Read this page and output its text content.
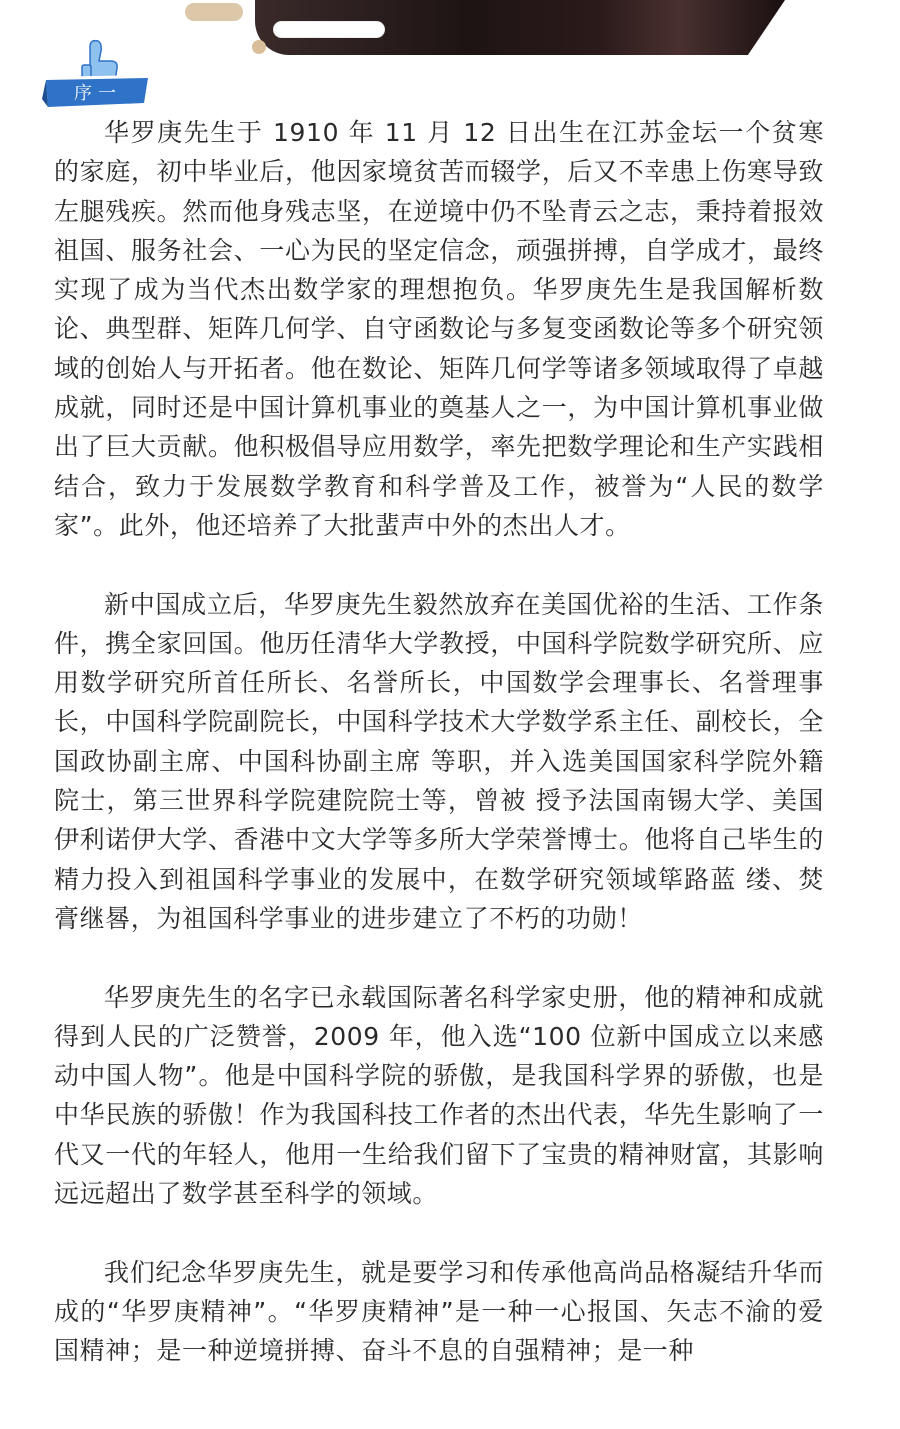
序一

华罗庚先生于 1910 年 11 月 12 日出生在江苏金坛一个贫寒的家庭，初中毕业后，他因家境贫苦而辍学，后又不幸患上伤寒导致左腿残疾。然而他身残志坚，在逆境中仍不坠青云之志，秉持着报效祖国、服务社会、一心为民的坚定信念，顽强拼搏，自学成才，最终实现了成为当代杰出数学家的理想抱负。华罗庚先生是我国解析数论、典型群、矩阵几何学、自守函数论与多复变函数论等多个研究领域的创始人与开拓者。他在数论、矩阵几何学等诸多领域取得了卓越成就，同时还是中国计算机事业的奠基人之一，为中国计算机事业做出了巨大贡献。他积极倡导应用数学，率先把数学理论和生产实践相结合，致力于发展数学教育和科学普及工作，被誉为“人民的数学家”。此外，他还培养了大批蜚声中外的杰出人才。

新中国成立后，华罗庚先生毅然放弃在美国优裕的生活、工作条件，携全家回国。他历任清华大学教授，中国科学院数学研究所、应用数学研究所首任所长、名誉所长，中国数学会理事长、名誉理事长，中国科学院副院长，中国科学技术大学数学系主任、副校长，全国政协副主席、中国科协副主席 等职，并入选美国国家科学院外籍院士，第三世界科学院建院院士等，曾被 授予法国南锡大学、美国伊利诺伊大学、香港中文大学等多所大学荣誉博士。他将自己毕生的精力投入到祖国科学事业的发展中，在数学研究领域筚路蓝 缕、焚膏继晷，为祖国科学事业的进步建立了不朽的功勋！

华罗庚先生的名字已永载国际著名科学家史册，他的精神和成就得到人民的广泛赞誉，2009 年，他入选“100 位新中国成立以来感动中国人物”。他是中国科学院的骄傲，是我国科学界的骄傲，也是中华民族的骄傲！作为我国科技工作者的杰出代表，华先生影响了一代又一代的年轻人，他用一生给我们留下了宝贵的精神财富，其影响远远超出了数学甚至科学的领域。

我们纪念华罗庚先生，就是要学习和传承他高尚品格凝结升华而成的“华罗庚精神”。“华罗庚精神”是一种一心报国、矢志不渝的爱国精神；是一种逆境拼搏、奋斗不息的自强精神；是一种
